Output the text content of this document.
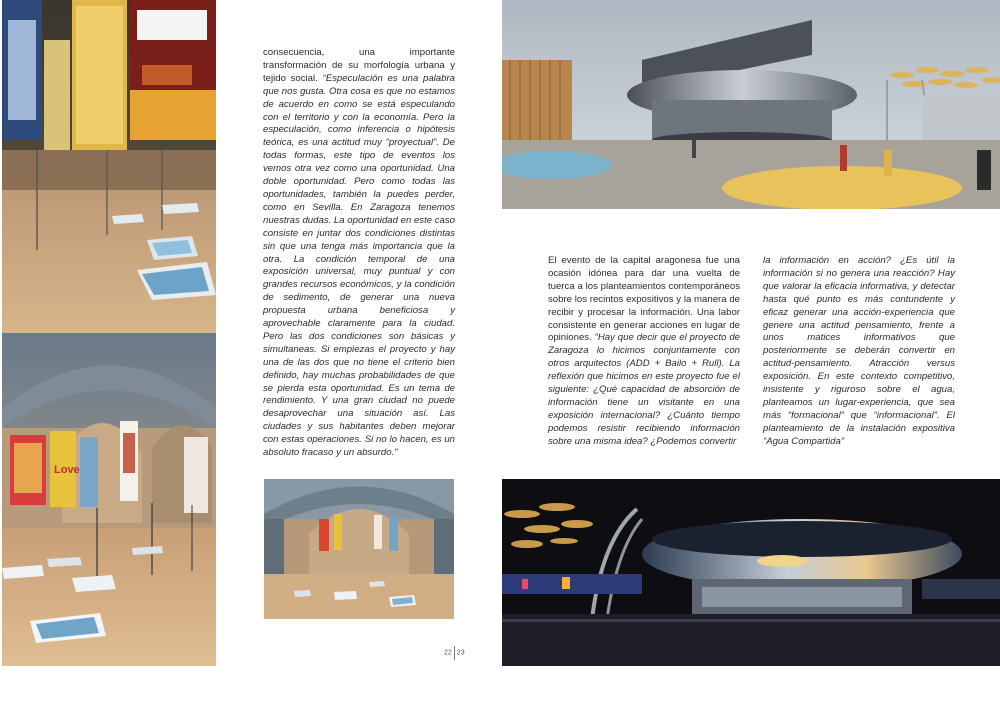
Love

consecuencia, una importante transformación de su morfología urbana y tejido social. “Especulación es una palabra que nos gusta. Otra cosa es que no estamos de acuerdo en como se está especulando con el territorio y con la economía. Pero la especulación, como inferencia o hipótesis teórica, es una actitud muy “proyectual”. De todas formas, este tipo de eventos los vemos otra vez como una oportunidad. Una doble oportunidad. Pero como todas las oportunidades, también la puedes perder, como en Sevilla. En Zaragoza tenemos nuestras dudas. La oportunidad en este caso consiste en juntar dos condiciones distintas sin que una tenga más importancia que la otra. La condición temporal de una exposición universal, muy puntual y con grandes recursos económicos, y la condición de sedimento, de generar una nueva propuesta urbana beneficiosa y aprovechable claramente para la ciudad. Pero las dos condiciones son básicas y simultaneas. Si empiezas el proyecto y hay una de las dos que no tiene el criterio bien definido, hay muchas probabilidades de que se pierda esta oportunidad. Es un tema de rendimiento. Y una gran ciudad no puede desaprovechar una situación así. Las ciudades y sus habitantes deben mejorar con estas operaciones. Si no lo hacen, es un absoluto fracaso y un absurdo.”

El evento de la capital aragonesa fue una ocasión idónea para dar una vuelta de tuerca a los planteamientos contemporáneos sobre los recintos expositivos y la manera de recibir y procesar la información. Una labor consistente en generar acciones en lugar de opiniones. “Hay que decir que el proyecto de Zaragoza lo hicimos conjuntamente con otros arquitectos (ADD + Bailo + Rull). La reflexión que hicimos en este proyecto fue el siguiente: ¿Qué capacidad de absorción de información tiene un visitante en una exposición internacional? ¿Cuánto tiempo podemos resistir recibiendo información sobre una misma idea? ¿Podemos convertir

la información en acción? ¿Es útil la información si no genera una reacción? Hay que valorar la eficacia informativa, y detectar hasta qué punto es más contundente y eficaz generar una acción-experiencia que genere una actitud pensamiento, frente a unos matices informativos que posteriormente se deberán convertir en actitud-pensamiento. Atracción versus exposición. En este contexto competitivo, insistente y riguroso sobre el agua, planteamos un lugar-experiencia, que sea más “formacional” que “informacional”. El planteamiento de la instalación expositiva “Agua Compartida”

22 23
